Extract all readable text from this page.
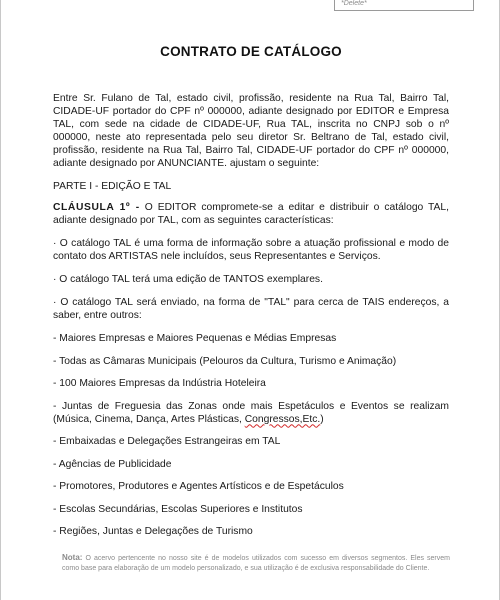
*Delete*
CONTRATO DE CATÁLOGO

Entre Sr. Fulano de Tal, estado civil, profissão, residente na Rua Tal, Bairro Tal, CIDADE-UF portador do CPF nº 000000, adiante designado por EDITOR e Empresa TAL, com sede na cidade de CIDADE-UF, Rua TAL, inscrita no CNPJ sob o nº 000000, neste ato representada pelo seu diretor Sr. Beltrano de Tal, estado civil, profissão, residente na Rua Tal, Bairro Tal, CIDADE-UF portador do CPF nº 000000, adiante designado por ANUNCIANTE. ajustam o seguinte:

PARTE I - EDIÇÃO E TAL

CLÁUSULA 1º - O EDITOR compromete-se a editar e distribuir o catálogo TAL, adiante designado por TAL, com as seguintes características:

· O catálogo TAL é uma forma de informação sobre a atuação profissional e modo de contato dos ARTISTAS nele incluídos, seus Representantes e Serviços.

· O catálogo TAL terá uma edição de TANTOS exemplares.

· O catálogo TAL será enviado, na forma de "TAL" para cerca de TAIS endereços, a saber, entre outros:

- Maiores Empresas e Maiores Pequenas e Médias Empresas

- Todas as Câmaras Municipais (Pelouros da Cultura, Turismo e Animação)

- 100 Maiores Empresas da Indústria Hoteleira

- Juntas de Freguesia das Zonas onde mais Espetáculos e Eventos se realizam (Música, Cinema, Dança, Artes Plásticas, Congressos,Etc.)

- Embaixadas e Delegações Estrangeiras em TAL

- Agências de Publicidade

- Promotores, Produtores e Agentes Artísticos e de Espetáculos

- Escolas Secundárias, Escolas Superiores e Institutos

- Regiões, Juntas e Delegações de Turismo

Nota: O acervo pertencente no nosso site é de modelos utilizados com sucesso em diversos segmentos. Eles servem como base para elaboração de um modelo personalizado, e sua utilização é de exclusiva responsabilidade do Cliente.
